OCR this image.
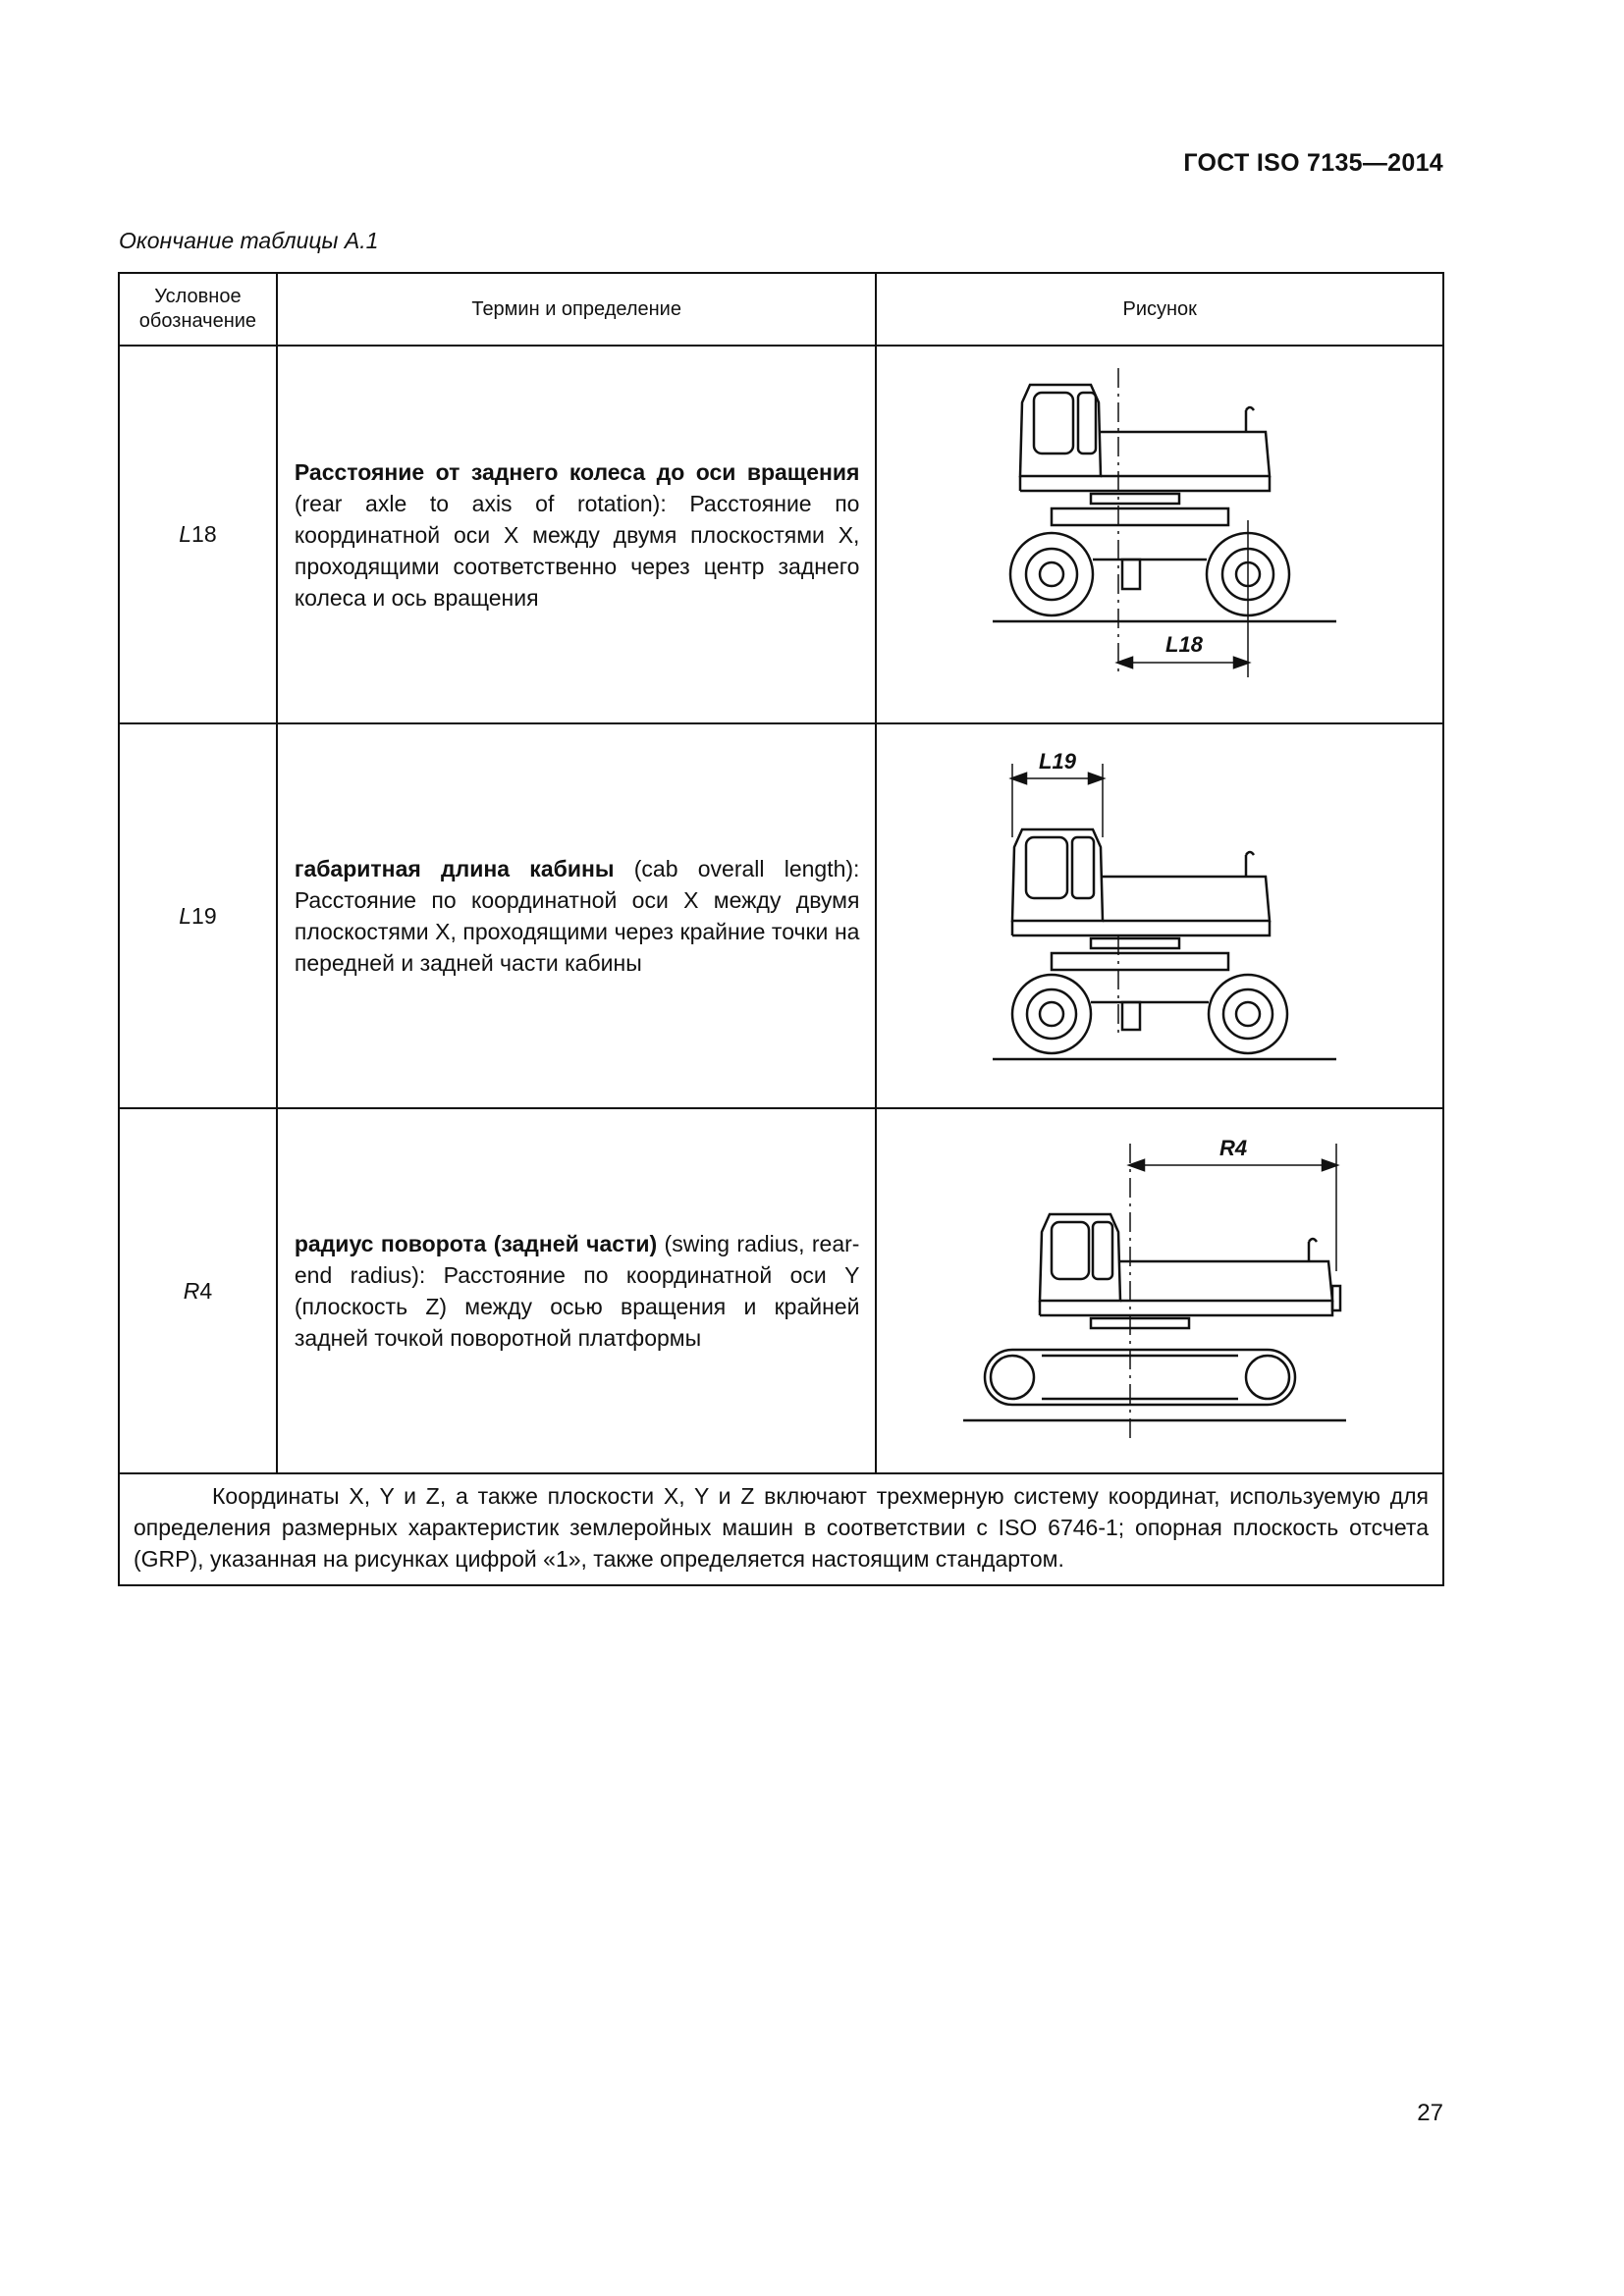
ГОСТ ISO 7135—2014
Окончание таблицы А.1
Условное
обозначение	Термин и определение	Рисунок
L18	Расстояние от заднего колеса до оси вращения (rear axle to axis of rotation): Расстояние по координатной оси X между двумя плоскостями X, проходящими соответственно через центр заднего колеса и ось вращения	L18

L19	габаритная длина кабины (cab overall length): Расстояние по координатной оси X между двумя плоскостями X, проходящими через крайние точки на передней и задней части кабины	L19

R4	радиус поворота (задней части) (swing radius, rear-end radius): Расстояние по координатной оси Y (плоскость Z) между осью вращения и крайней задней точкой поворотной платформы	R4

Координаты X, Y и Z, а также плоскости X, Y и Z включают трехмерную систему координат, используемую для определения размерных характеристик землеройных машин в соответствии с ISO 6746-1; опорная плоскость отсчета (GRP), указанная на рисунках цифрой «1», также определяется настоящим стандартом.		
27
